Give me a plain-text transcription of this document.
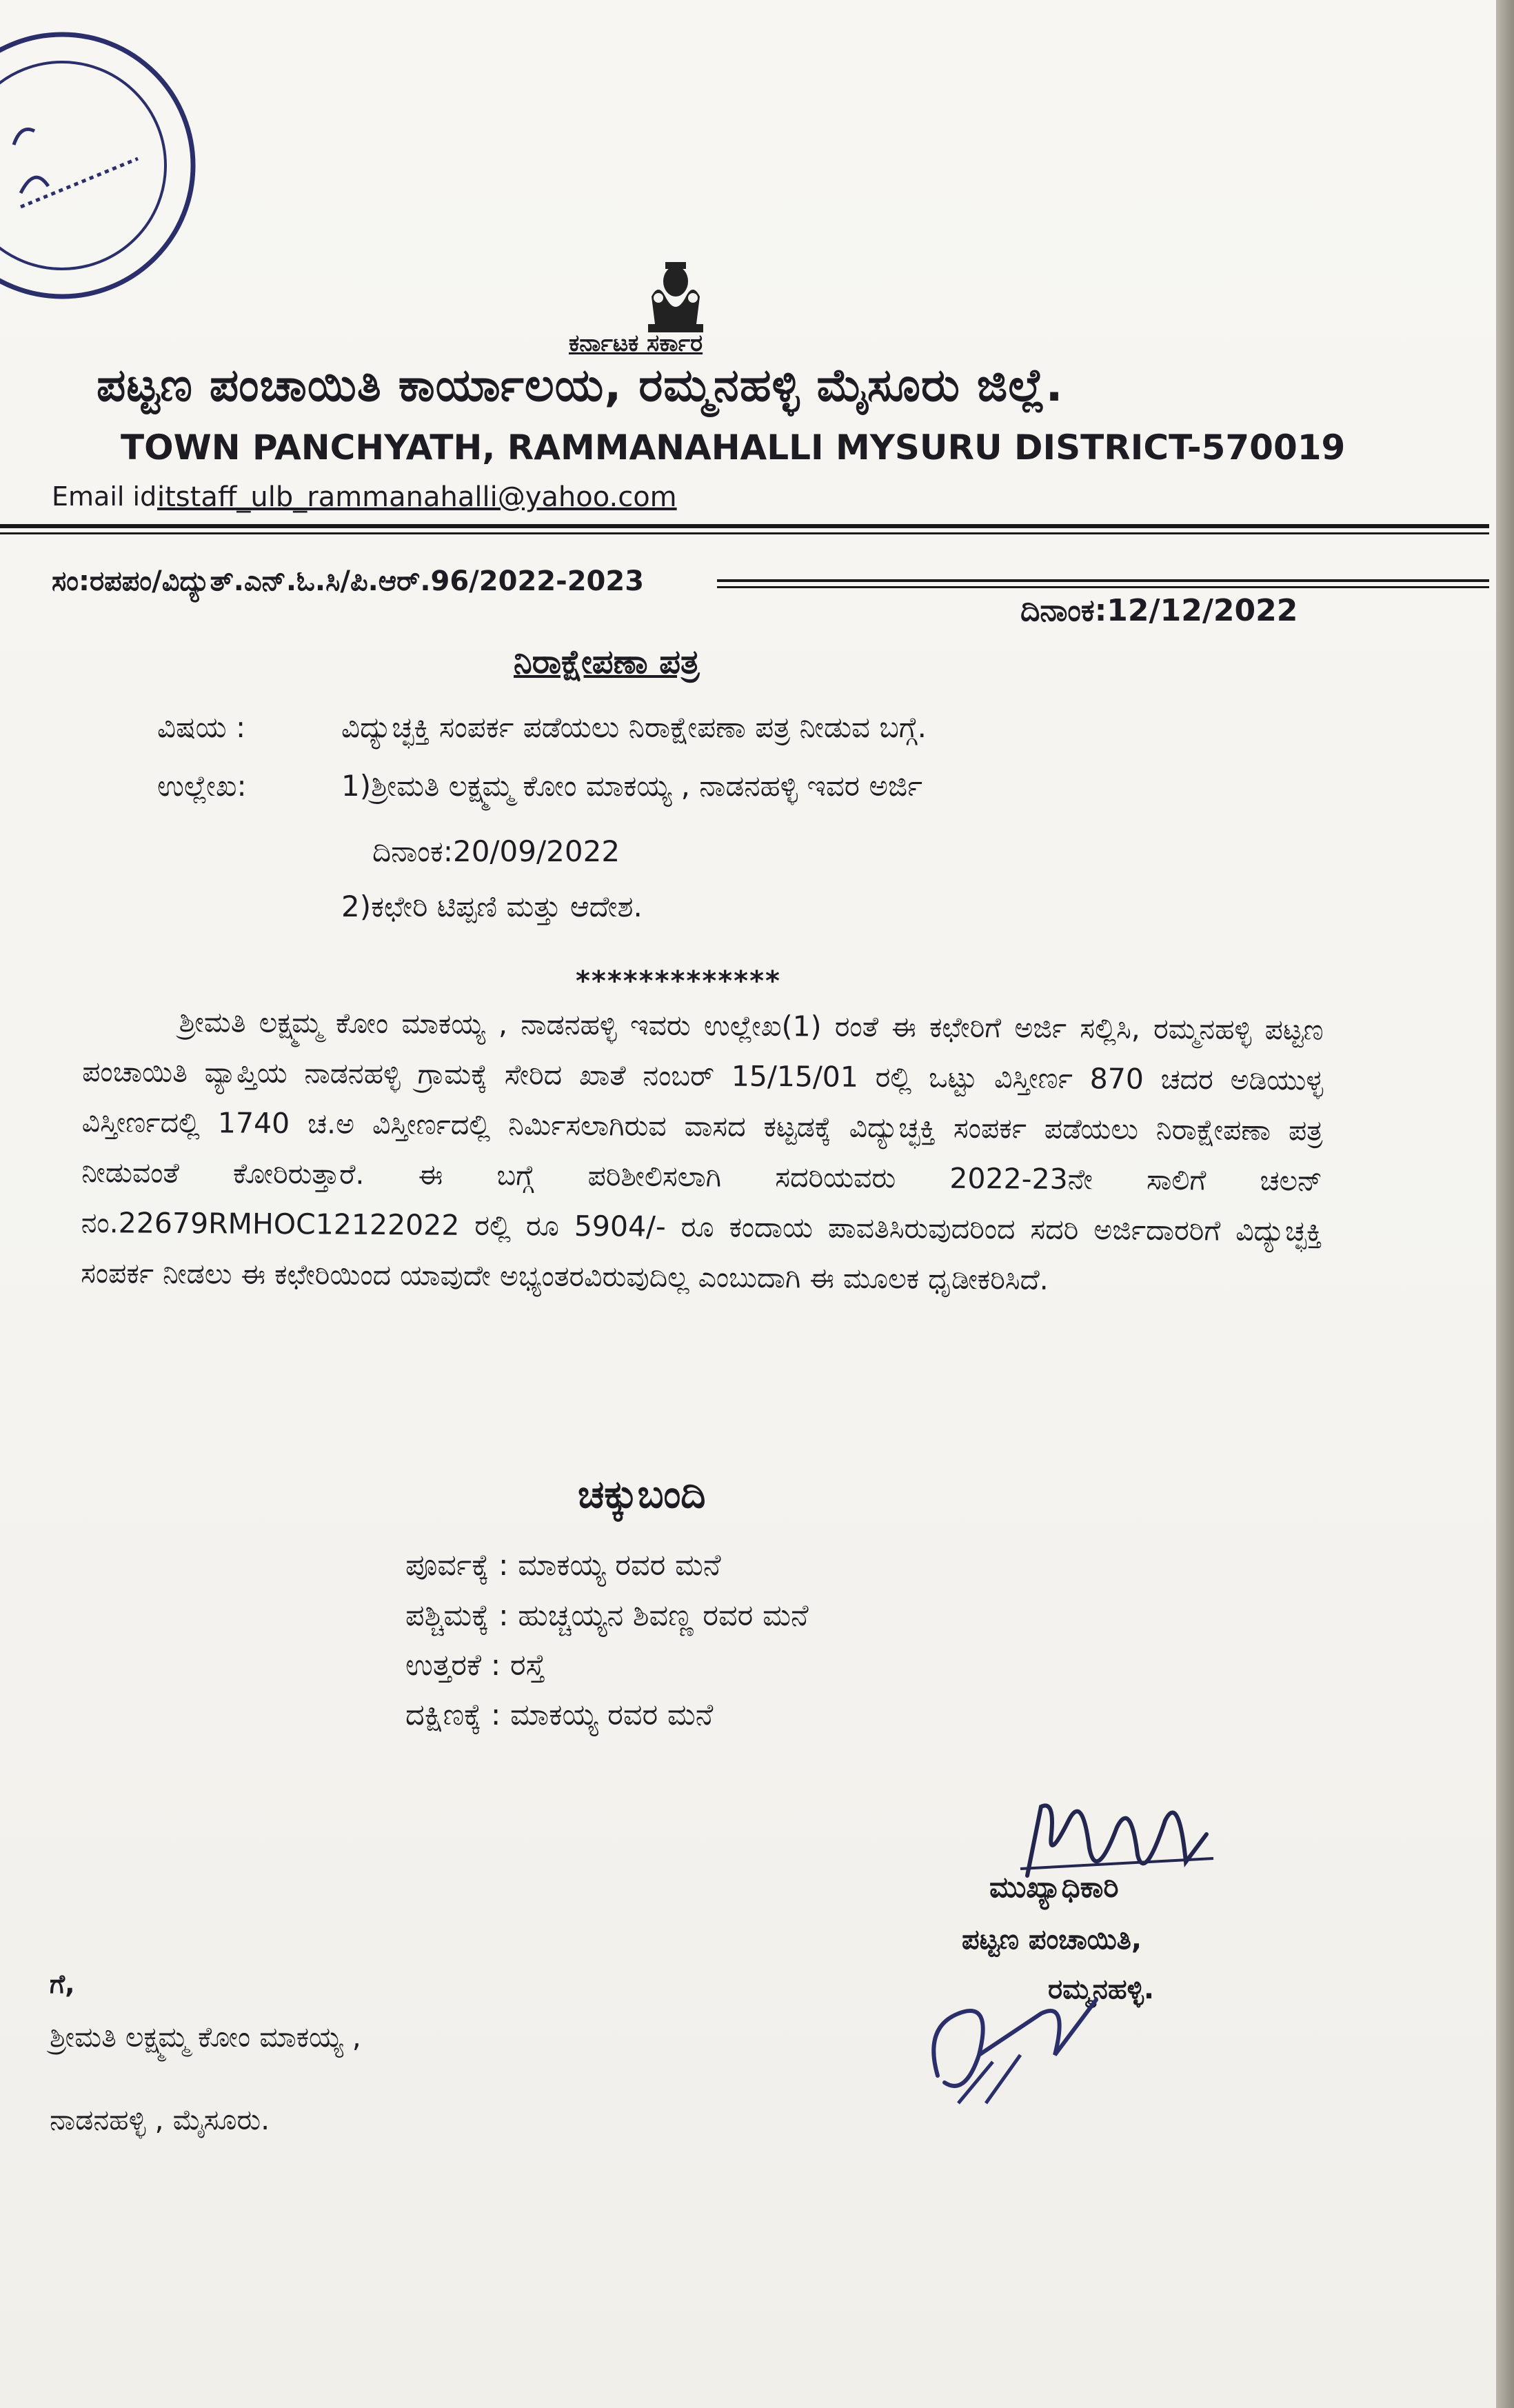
ಕರ್ನಾಟಕ ಸರ್ಕಾರ
ಪಟ್ಟಣ ಪಂಚಾಯಿತಿ ಕಾರ್ಯಾಲಯ, ರಮ್ಮನಹಳ್ಳಿ ಮೈಸೂರು ಜಿಲ್ಲೆ.
TOWN PANCHYATH, RAMMANAHALLI MYSURU DISTRICT-570019
Email id:
itstaff_ulb_rammanahalli@yahoo.com
ಸಂ:ರಪಪಂ/ವಿದ್ಯುತ್.ಎನ್.ಓ.ಸಿ/ಪಿ.ಆರ್.96/2022-2023
ದಿನಾಂಕ:12/12/2022
ನಿರಾಕ್ಷೇಪಣಾ ಪತ್ರ
ವಿಷಯ :	ವಿದ್ಯುಚ್ಛಕ್ತಿ ಸಂಪರ್ಕ ಪಡೆಯಲು ನಿರಾಕ್ಷೇಪಣಾ ಪತ್ರ ನೀಡುವ ಬಗ್ಗೆ.
ಉಲ್ಲೇಖ:	1)ಶ್ರೀಮತಿ ಲಕ್ಷ್ಮಮ್ಮ ಕೋಂ ಮಾಕಯ್ಯ , ನಾಡನಹಳ್ಳಿ ಇವರ ಅರ್ಜಿ
ದಿನಾಂಕ:20/09/2022
2)ಕಛೇರಿ ಟಿಪ್ಪಣಿ ಮತ್ತು ಆದೇಶ.
*************
ಶ್ರೀಮತಿ ಲಕ್ಷ್ಮಮ್ಮ ಕೋಂ ಮಾಕಯ್ಯ , ನಾಡನಹಳ್ಳಿ ಇವರು ಉಲ್ಲೇಖ(1) ರಂತೆ ಈ ಕಛೇರಿಗೆ ಅರ್ಜಿ ಸಲ್ಲಿಸಿ, ರಮ್ಮನಹಳ್ಳಿ ಪಟ್ಟಣ ಪಂಚಾಯಿತಿ ವ್ಯಾಪ್ತಿಯ ನಾಡನಹಳ್ಳಿ ಗ್ರಾಮಕ್ಕೆ ಸೇರಿದ ಖಾತೆ ನಂಬರ್ 15/15/01 ರಲ್ಲಿ ಒಟ್ಟು ವಿಸ್ತೀರ್ಣ 870 ಚದರ ಅಡಿಯುಳ್ಳ ವಿಸ್ತೀರ್ಣದಲ್ಲಿ 1740 ಚ.ಅ ವಿಸ್ತೀರ್ಣದಲ್ಲಿ ನಿರ್ಮಿಸಲಾಗಿರುವ ವಾಸದ ಕಟ್ಟಡಕ್ಕೆ ವಿದ್ಯುಚ್ಛಕ್ತಿ ಸಂಪರ್ಕ ಪಡೆಯಲು ನಿರಾಕ್ಷೇಪಣಾ ಪತ್ರ ನೀಡುವಂತೆ ಕೋರಿರುತ್ತಾರೆ. ಈ ಬಗ್ಗೆ ಪರಿಶೀಲಿಸಲಾಗಿ ಸದರಿಯವರು 2022-23ನೇ ಸಾಲಿಗೆ ಚಲನ್ ನಂ.22679RMHOC12122022 ರಲ್ಲಿ ರೂ 5904/- ರೂ ಕಂದಾಯ ಪಾವತಿಸಿರುವುದರಿಂದ ಸದರಿ ಅರ್ಜಿದಾರರಿಗೆ ವಿದ್ಯುಚ್ಛಕ್ತಿ ಸಂಪರ್ಕ ನೀಡಲು ಈ ಕಛೇರಿಯಿಂದ ಯಾವುದೇ ಅಭ್ಯಂತರವಿರುವುದಿಲ್ಲ ಎಂಬುದಾಗಿ ಈ ಮೂಲಕ ಧೃಡೀಕರಿಸಿದೆ.
ಚಕ್ಕುಬಂದಿ
ಪೂರ್ವಕ್ಕೆ : ಮಾಕಯ್ಯ ರವರ ಮನೆ
ಪಶ್ಚಿಮಕ್ಕೆ : ಹುಚ್ಚಯ್ಯನ ಶಿವಣ್ಣ ರವರ ಮನೆ
ಉತ್ತರಕೆ : ರಸ್ತೆ
ದಕ್ಷಿಣಕ್ಕೆ : ಮಾಕಯ್ಯ ರವರ ಮನೆ
ಮುಖ್ಯಾಧಿಕಾರಿ
ಪಟ್ಟಣ ಪಂಚಾಯಿತಿ,
ರಮ್ಮನಹಳ್ಳಿ.
ಗೆ,
ಶ್ರೀಮತಿ ಲಕ್ಷ್ಮಮ್ಮ ಕೋಂ ಮಾಕಯ್ಯ ,
ನಾಡನಹಳ್ಳಿ , ಮೈಸೂರು.
